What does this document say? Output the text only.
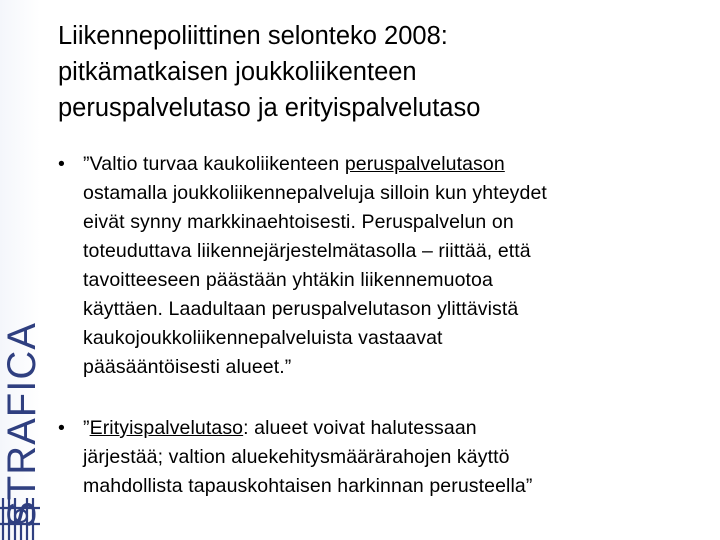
STRAFICA
Liikennepoliittinen selonteko 2008:
pitkämatkaisen joukkoliikenteen
peruspalvelutaso ja erityispalvelutaso
• ”Valtio turvaa kaukoliikenteen peruspalvelutason
ostamalla joukkoliikennepalveluja silloin kun yhteydet
eivät synny markkinaehtoisesti. Peruspalvelun on
toteuduttava liikennejärjestelmätasolla – riittää, että
tavoitteeseen päästään yhtäkin liikennemuotoa
käyttäen. Laadultaan peruspalvelutason ylittävistä
kaukojoukkoliikennepalveluista vastaavat
pääsääntöisesti alueet.”
• ”Erityispalvelutaso: alueet voivat halutessaan
järjestää; valtion aluekehitysmäärärahojen käyttö
mahdollista tapauskohtaisen harkinnan perusteella”
